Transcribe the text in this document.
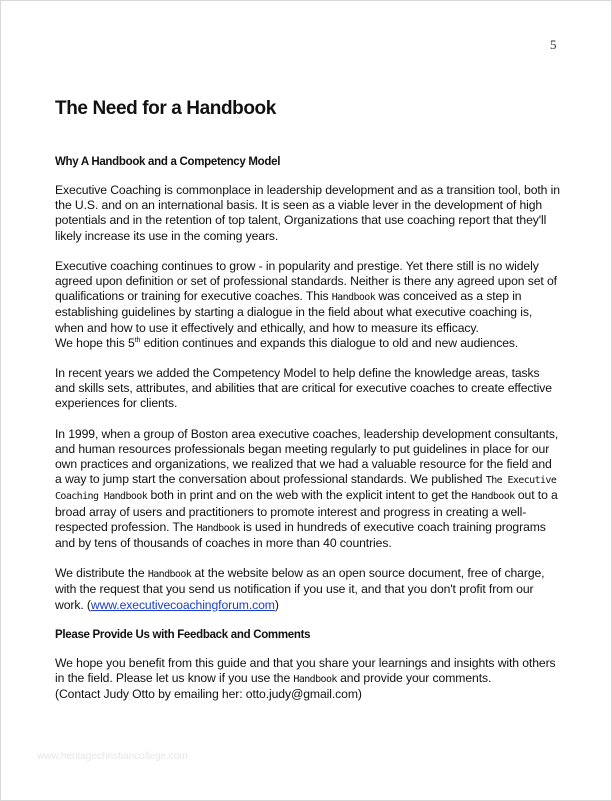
5
The Need for a Handbook
Why A Handbook and a Competency Model

Executive Coaching is commonplace in leadership development and as a transition tool, both in the U.S. and on an international basis. It is seen as a viable lever in the development of high potentials and in the retention of top talent, Organizations that use coaching report that they'll likely increase its use in the coming years.

Executive coaching continues to grow - in popularity and prestige. Yet there still is no widely agreed upon definition or set of professional standards. Neither is there any agreed upon set of qualifications or training for executive coaches. This Handbook was conceived as a step in establishing guidelines by starting a dialogue in the field about what executive coaching is, when and how to use it effectively and ethically, and how to measure its efficacy.
We hope this 5th edition continues and expands this dialogue to old and new audiences.

In recent years we added the Competency Model to help define the knowledge areas, tasks and skills sets, attributes, and abilities that are critical for executive coaches to create effective experiences for clients.

In 1999, when a group of Boston area executive coaches, leadership development consultants, and human resources professionals began meeting regularly to put guidelines in place for our own practices and organizations, we realized that we had a valuable resource for the field and a way to jump start the conversation about professional standards. We published The Executive Coaching Handbook both in print and on the web with the explicit intent to get the Handbook out to a broad array of users and practitioners to promote interest and progress in creating a well-respected profession. The Handbook is used in hundreds of executive coach training programs and by tens of thousands of coaches in more than 40 countries.

We distribute the Handbook at the website below as an open source document, free of charge, with the request that you send us notification if you use it, and that you don't profit from our work. (www.executivecoachingforum.com)

Please Provide Us with Feedback and Comments

We hope you benefit from this guide and that you share your learnings and insights with others in the field. Please let us know if you use the Handbook and provide your comments.
(Contact Judy Otto by emailing her: otto.judy@gmail.com)

www.heritagechristiancollege.com
